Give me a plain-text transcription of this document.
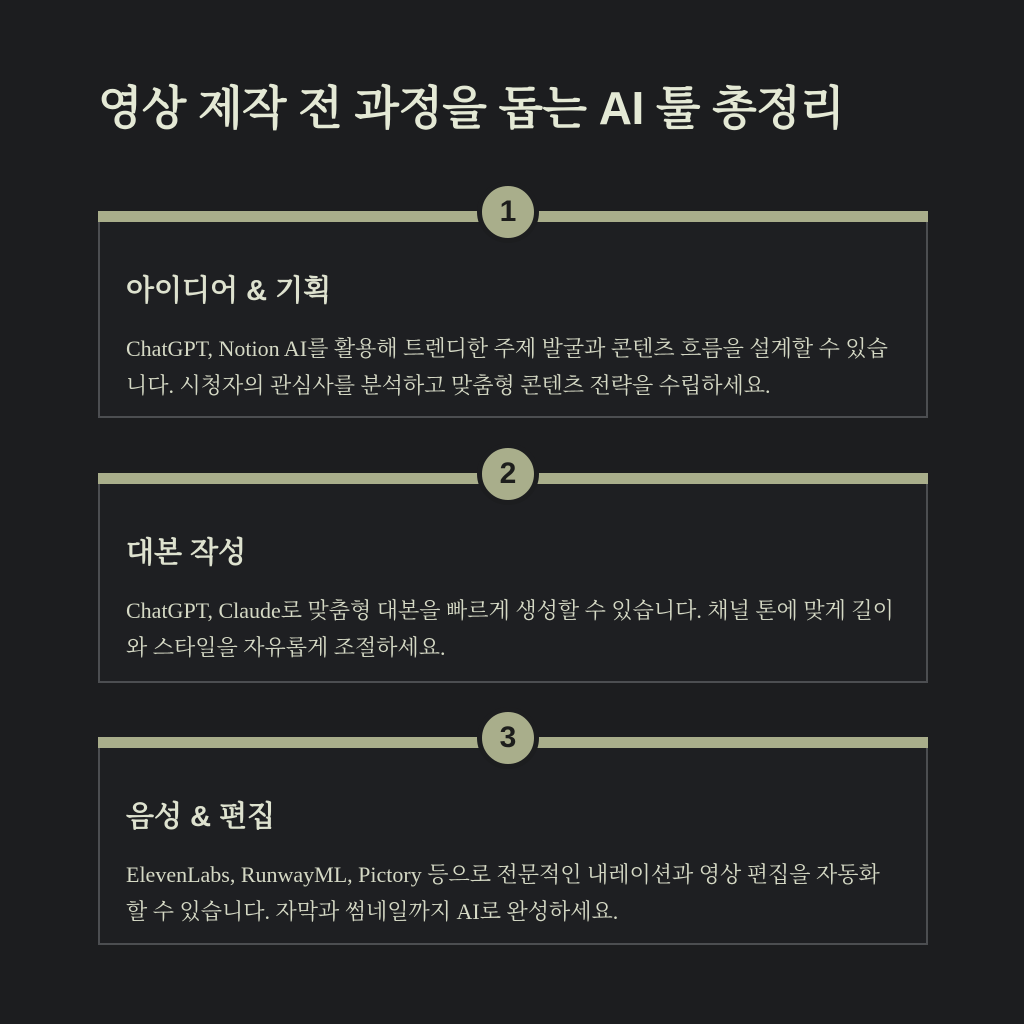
영상 제작 전 과정을 돕는 AI 툴 총정리
1
아이디어 & 기획

ChatGPT, Notion AI를 활용해 트렌디한 주제 발굴과 콘텐츠 흐름을 설계할 수 있습니다. 시청자의 관심사를 분석하고 맞춤형 콘텐츠 전략을 수립하세요.

2
대본 작성

ChatGPT, Claude로 맞춤형 대본을 빠르게 생성할 수 있습니다. 채널 톤에 맞게 길이와 스타일을 자유롭게 조절하세요.

3
음성 & 편집

ElevenLabs, RunwayML, Pictory 등으로 전문적인 내레이션과 영상 편집을 자동화할 수 있습니다. 자막과 썸네일까지 AI로 완성하세요.
